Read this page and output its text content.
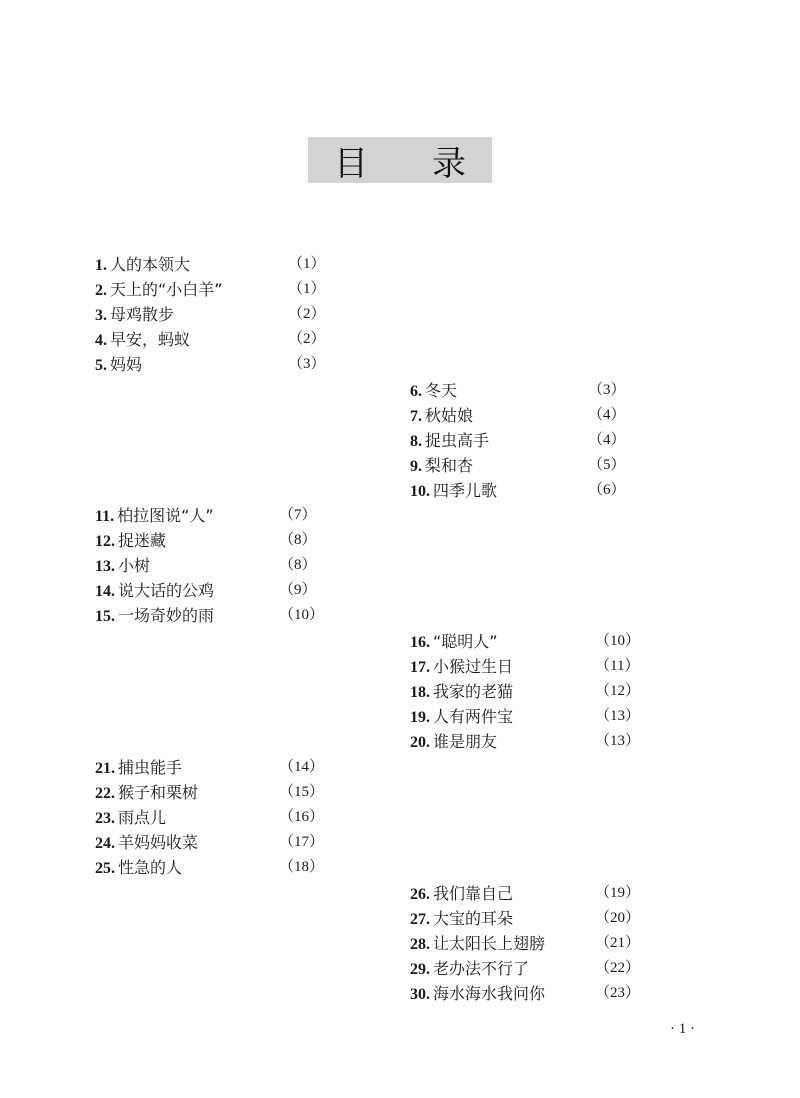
目 录
1. 人的本领大	（1）
2. 天上的“小白羊”	（1）
3. 母鸡散步	（2）
4. 早安，蚂蚁	（2）
5. 妈妈	（3）
6. 冬天	（3）
7. 秋姑娘	（4）
8. 捉虫高手	（4）
9. 梨和杏	（5）
10. 四季儿歌	（6）
11. 柏拉图说“人”	（7）
12. 捉迷藏	（8）
13. 小树	（8）
14. 说大话的公鸡	（9）
15. 一场奇妙的雨	（10）
16. “聪明人”	（10）
17. 小猴过生日	（11）
18. 我家的老猫	（12）
19. 人有两件宝	（13）
20. 谁是朋友	（13）
21. 捕虫能手	（14）
22. 猴子和栗树	（15）
23. 雨点儿	（16）
24. 羊妈妈收菜	（17）
25. 性急的人	（18）
26. 我们靠自己	（19）
27. 大宝的耳朵	（20）
28. 让太阳长上翅膀	（21）
29. 老办法不行了	（22）
30. 海水海水我问你	（23）
· 1 ·
